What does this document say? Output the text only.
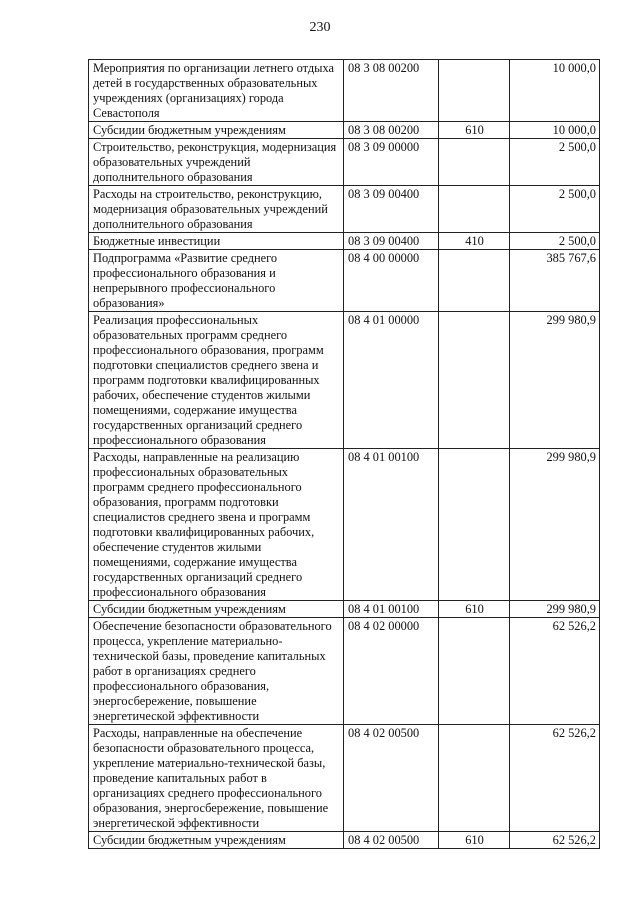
230
Мероприятия по организации летнего отдыха детей в государственных образовательных учреждениях (организациях) города Севастополя	08 3 08 00200		10 000,0
Субсидии бюджетным учреждениям	08 3 08 00200	610	10 000,0
Строительство, реконструкция, модернизация образовательных учреждений дополнительного образования	08 3 09 00000		2 500,0
Расходы на строительство, реконструкцию, модернизация образовательных учреждений дополнительного образования	08 3 09 00400		2 500,0
Бюджетные инвестиции	08 3 09 00400	410	2 500,0
Подпрограмма «Развитие среднего профессионального образования и непрерывного профессионального образования»	08 4 00 00000		385 767,6
Реализация профессиональных образовательных программ среднего профессионального образования, программ подготовки специалистов среднего звена и программ подготовки квалифицированных рабочих, обеспечение студентов жилыми помещениями, содержание имущества государственных организаций среднего профессионального образования	08 4 01 00000		299 980,9
Расходы, направленные на реализацию профессиональных образовательных программ среднего профессионального образования, программ подготовки специалистов среднего звена и программ подготовки квалифицированных рабочих, обеспечение студентов жилыми помещениями, содержание имущества государственных организаций среднего профессионального образования	08 4 01 00100		299 980,9
Субсидии бюджетным учреждениям	08 4 01 00100	610	299 980,9
Обеспечение безопасности образовательного процесса, укрепление материально-технической базы, проведение капитальных работ в организациях среднего профессионального образования, энергосбережение, повышение энергетической эффективности	08 4 02 00000		62 526,2
Расходы, направленные на обеспечение безопасности образовательного процесса, укрепление материально-технической базы, проведение капитальных работ в организациях среднего профессионального образования, энергосбережение, повышение энергетической эффективности	08 4 02 00500		62 526,2
Субсидии бюджетным учреждениям	08 4 02 00500	610	62 526,2
